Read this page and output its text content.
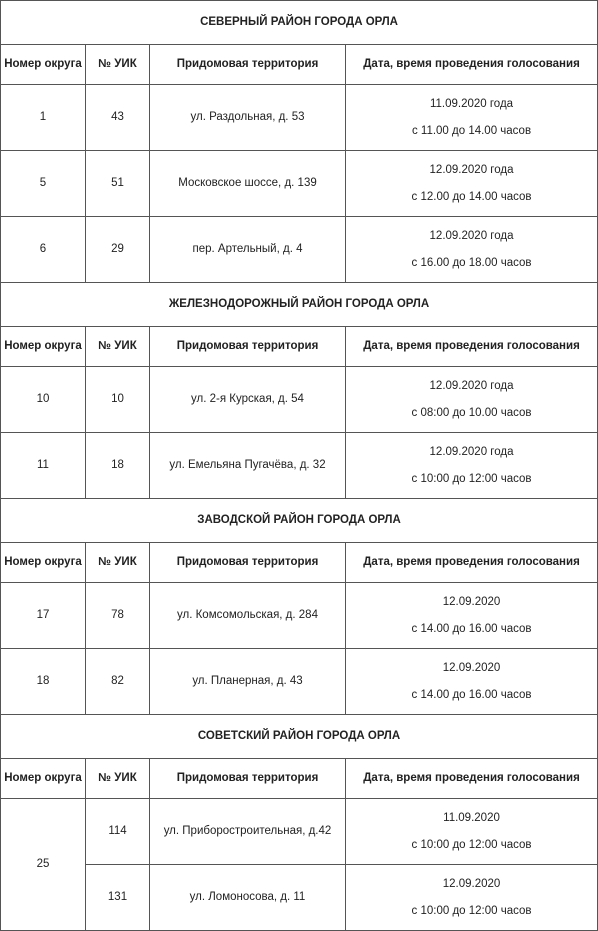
СЕВЕРНЫЙ РАЙОН ГОРОДА ОРЛА			
Номер округа	№ УИК	Придомовая территория	Дата, время проведения голосования
1	43	ул. Раздольная, д. 53	11.09.2020 года
с 11.00 до 14.00 часов

5	51	Московское шоссе, д. 139	12.09.2020 года
с 12.00 до 14.00 часов

6	29	пер. Артельный, д. 4	12.09.2020 года
с 16.00 до 18.00 часов

ЖЕЛЕЗНОДОРОЖНЫЙ РАЙОН ГОРОДА ОРЛА			
Номер округа	№ УИК	Придомовая территория	Дата, время проведения голосования
10	10	ул. 2-я Курская, д. 54	12.09.2020 года
с 08:00 до 10.00 часов

11	18	ул. Емельяна Пугачёва, д. 32	12.09.2020 года
с 10:00 до 12:00 часов

ЗАВОДСКОЙ РАЙОН ГОРОДА ОРЛА			
Номер округа	№ УИК	Придомовая территория	Дата, время проведения голосования
17	78	ул. Комсомольская, д. 284	12.09.2020
с 14.00 до 16.00 часов

18	82	ул. Планерная, д. 43	12.09.2020
с 14.00 до 16.00 часов

СОВЕТСКИЙ РАЙОН ГОРОДА ОРЛА			
Номер округа	№ УИК	Придомовая территория	Дата, время проведения голосования
25	114	ул. Приборостроительная, д.42	11.09.2020
с 10:00 до 12:00 часов

	131	ул. Ломоносова, д. 11	12.09.2020
с 10:00 до 12:00 часов
